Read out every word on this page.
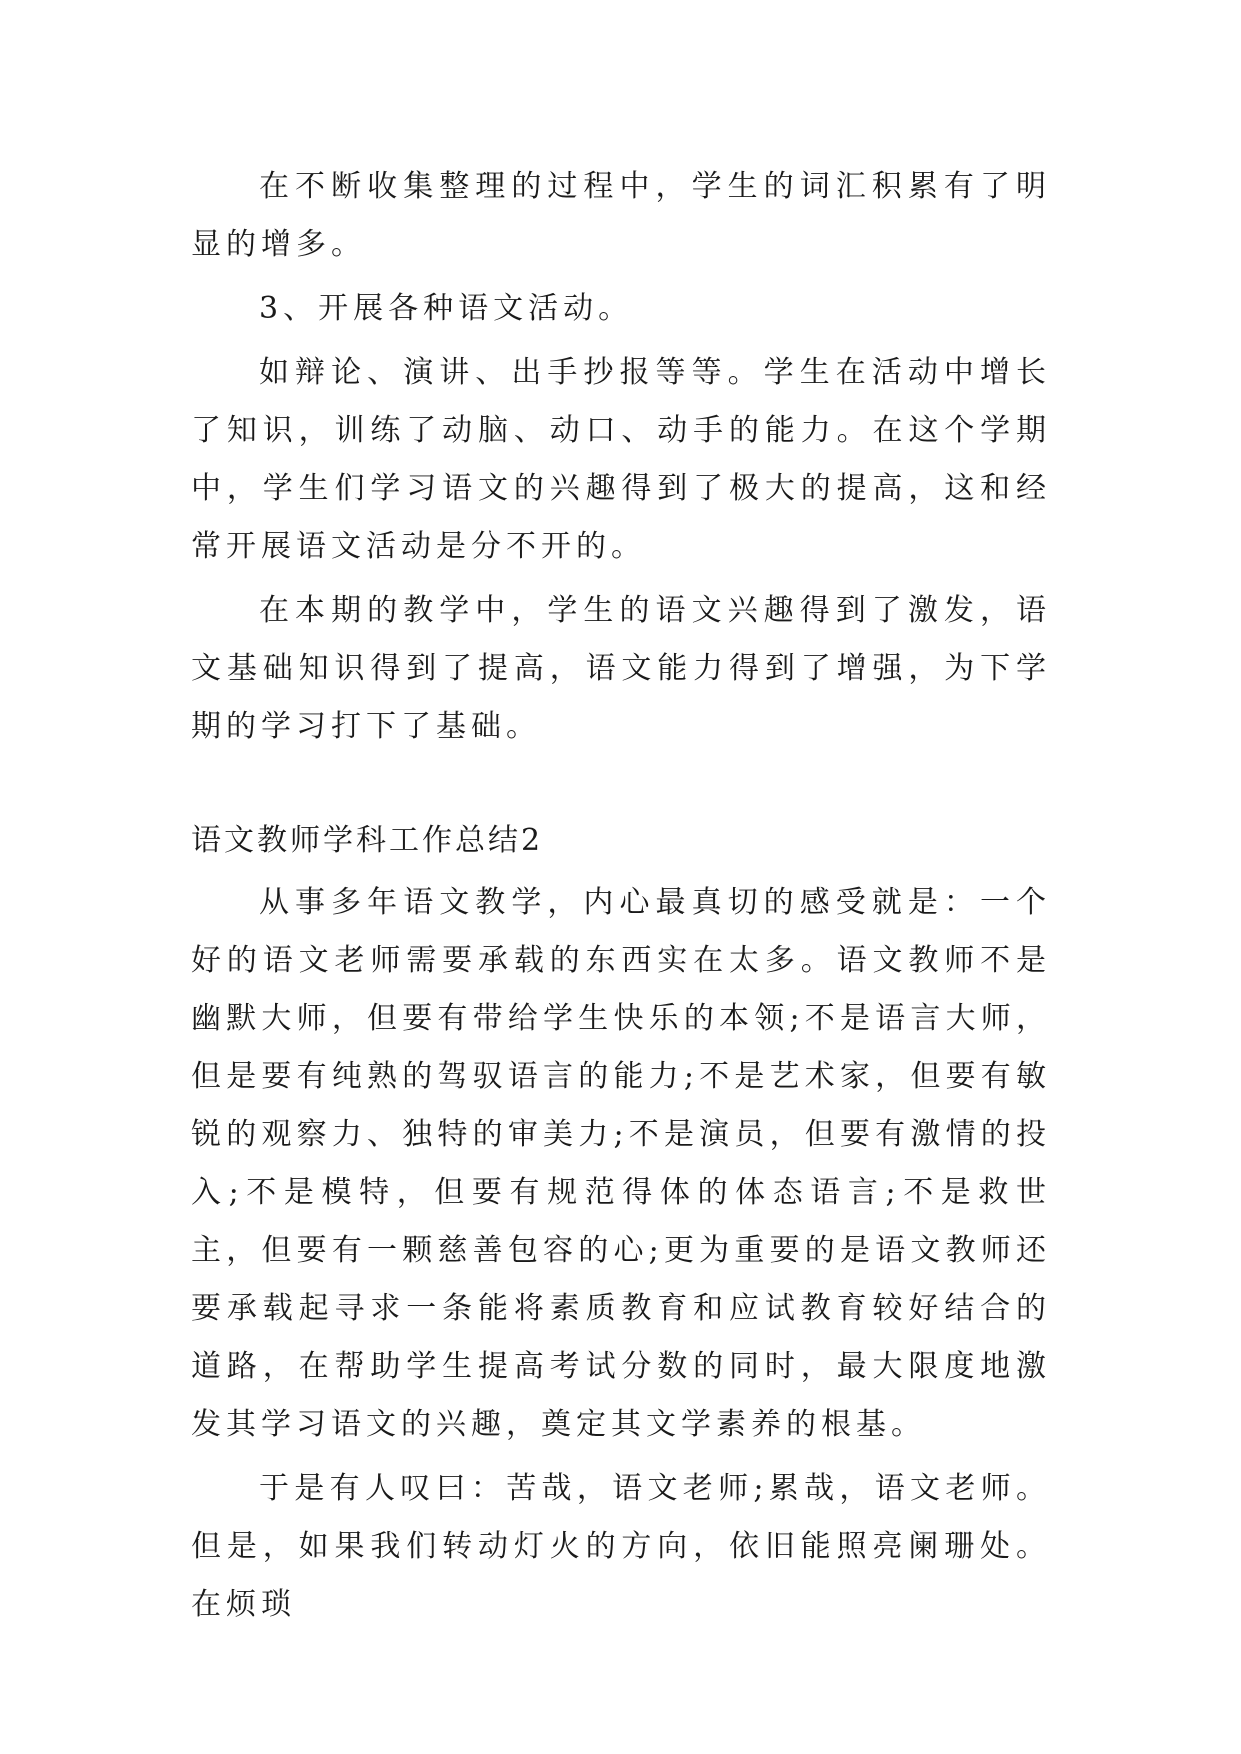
在不断收集整理的过程中，学生的词汇积累有了明显的增多。

3、开展各种语文活动。

如辩论、演讲、出手抄报等等。学生在活动中增长了知识，训练了动脑、动口、动手的能力。在这个学期中，学生们学习语文的兴趣得到了极大的提高，这和经常开展语文活动是分不开的。

在本期的教学中，学生的语文兴趣得到了激发，语文基础知识得到了提高，语文能力得到了增强，为下学期的学习打下了基础。

语文教师学科工作总结2

从事多年语文教学，内心最真切的感受就是：一个好的语文老师需要承载的东西实在太多。语文教师不是幽默大师，但要有带给学生快乐的本领;不是语言大师，但是要有纯熟的驾驭语言的能力;不是艺术家，但要有敏锐的观察力、独特的审美力;不是演员，但要有激情的投入;不是模特，但要有规范得体的体态语言;不是救世主，但要有一颗慈善包容的心;更为重要的是语文教师还要承载起寻求一条能将素质教育和应试教育较好结合的道路，在帮助学生提高考试分数的同时，最大限度地激发其学习语文的兴趣，奠定其文学素养的根基。

于是有人叹曰：苦哉，语文老师;累哉，语文老师。但是，如果我们转动灯火的方向，依旧能照亮阑珊处。在烦琐
